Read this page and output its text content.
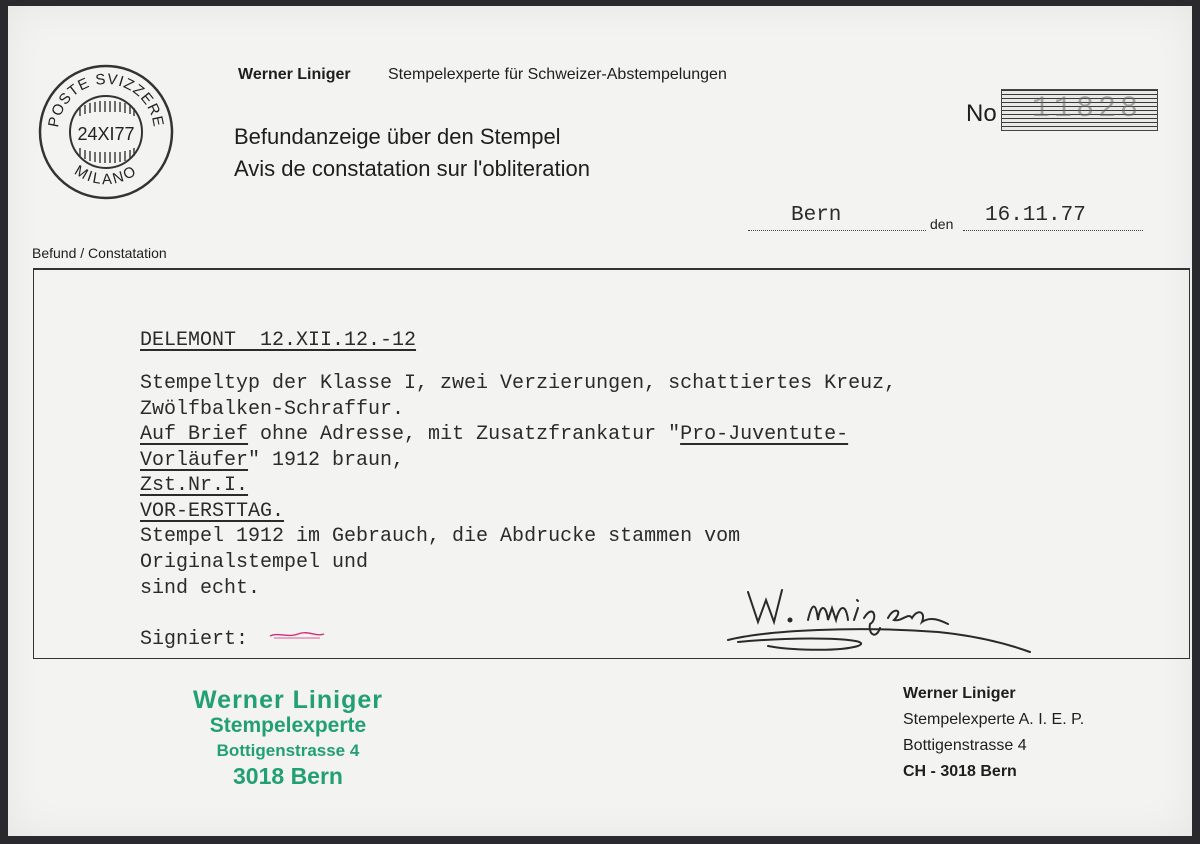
POSTE SVIZZERE
MILANO
24XI77
Werner Liniger Stempelexperte für Schweizer-Abstempelungen
Befundanzeige über den Stempel
Avis de constatation sur l'obliteration
No 11828
Bern	den 16.11.77
Befund / Constatation
DELEMONT  12.XII.12.-12
Stempeltyp der Klasse I, zwei Verzierungen, schattiertes Kreuz,
Zwölfbalken-Schraffur.
Auf Brief ohne Adresse, mit Zusatzfrankatur "Pro-Juventute-
Vorläufer" 1912 braun,
Zst.Nr.I.
VOR-ERSTTAG.
Stempel 1912 im Gebrauch, die Abdrucke stammen vom
Originalstempel und
sind echt.
Signiert:
Werner Liniger
Stempelexperte
Bottigenstrasse 4
3018 Bern
Werner Liniger
Stempelexperte A. I. E. P.
Bottigenstrasse 4
CH - 3018 Bern
